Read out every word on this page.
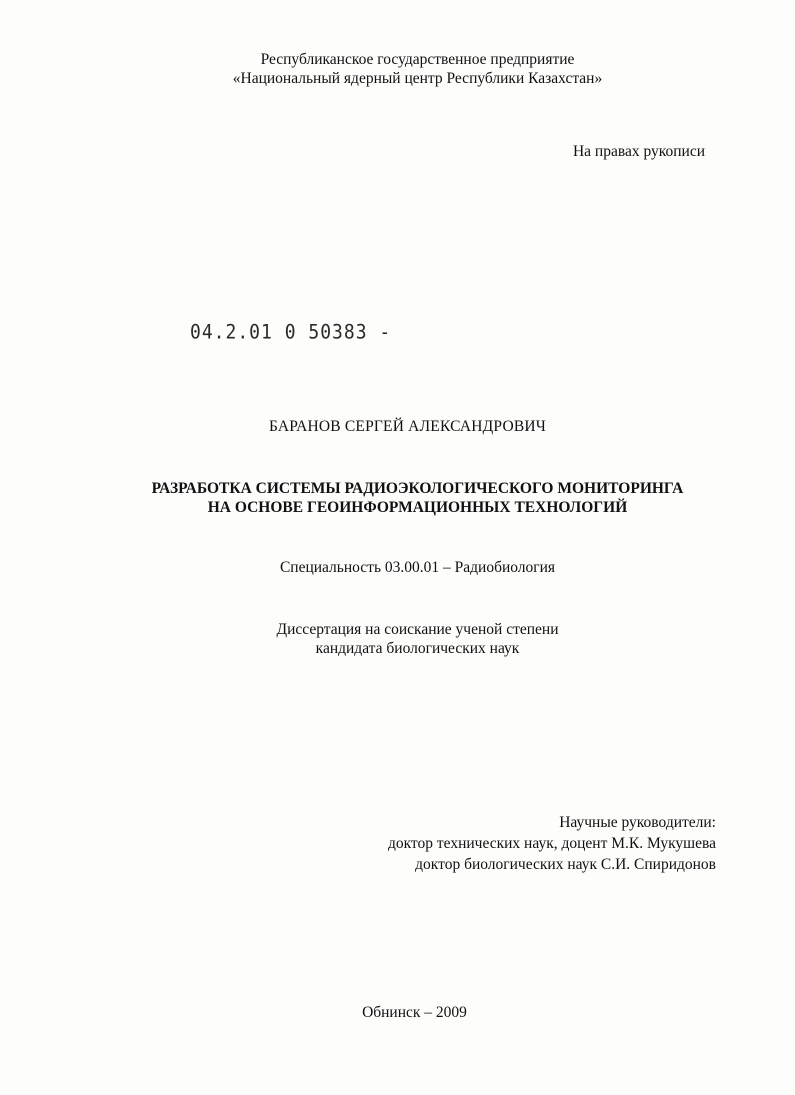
Республиканское государственное предприятие
«Национальный ядерный центр Республики Казахстан»
На правах рукописи
04.2.01 0 50383 -
БАРАНОВ СЕРГЕЙ АЛЕКСАНДРОВИЧ
РАЗРАБОТКА СИСТЕМЫ РАДИОЭКОЛОГИЧЕСКОГО МОНИТОРИНГА
НА ОСНОВЕ ГЕОИНФОРМАЦИОННЫХ ТЕХНОЛОГИЙ
Специальность 03.00.01 – Радиобиология
Диссертация на соискание ученой степени
кандидата биологических наук
Научные руководители:
доктор технических наук, доцент М.К. Мукушева
доктор биологических наук С.И. Спиридонов
Обнинск – 2009
